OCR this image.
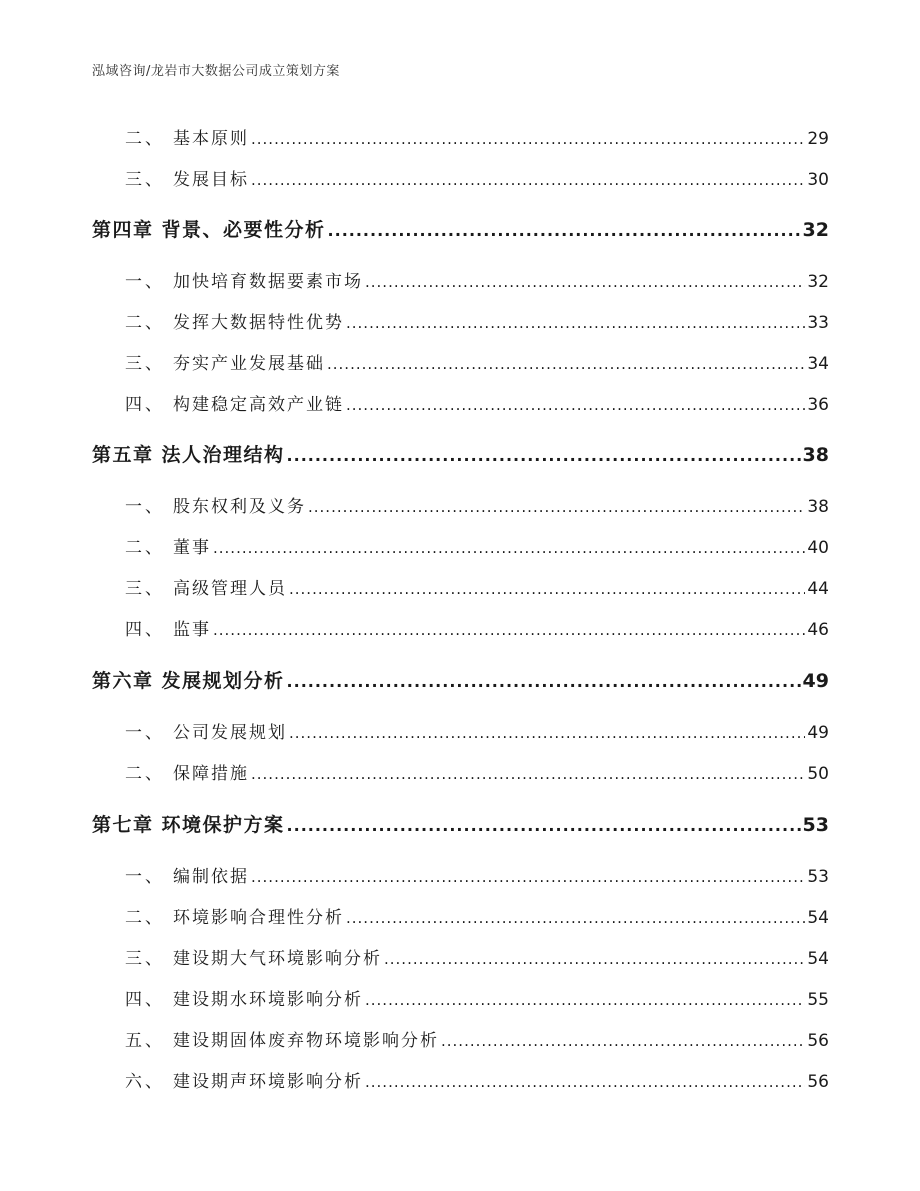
泓域咨询/龙岩市大数据公司成立策划方案
二、 基本原则 .....	29
三、 发展目标 .....	30
第四章 背景、必要性分析 .....	32
一、 加快培育数据要素市场 .....	32
二、 发挥大数据特性优势 .....	33
三、 夯实产业发展基础 .....	34
四、 构建稳定高效产业链 .....	36
第五章 法人治理结构 .....	38
一、 股东权利及义务 .....	38
二、 董事 .....	40
三、 高级管理人员 .....	44
四、 监事 .....	46
第六章 发展规划分析 .....	49
一、 公司发展规划 .....	49
二、 保障措施 .....	50
第七章 环境保护方案 .....	53
一、 编制依据 .....	53
二、 环境影响合理性分析 .....	54
三、 建设期大气环境影响分析 .....	54
四、 建设期水环境影响分析 .....	55
五、 建设期固体废弃物环境影响分析 .....	56
六、 建设期声环境影响分析 .....	56
